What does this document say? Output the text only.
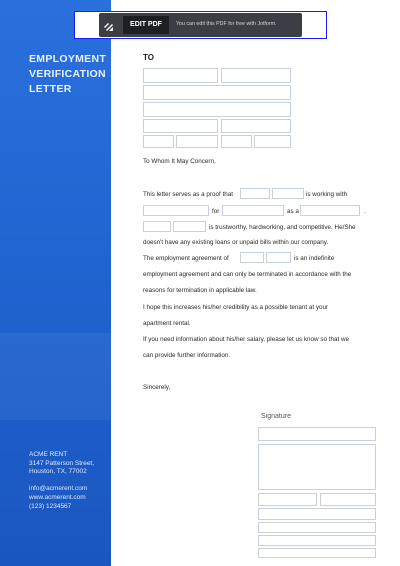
EMPLOYMENT
VERIFICATION
LETTER
ACME RENT
3147 Patterson Street,
Houston, TX, 77002
info@acmerent.com
www.acmerent.com
(123) 1234567
EDIT PDF	You can edit this PDF for free with Jotform.
TO
To Whom It May Concern,
This letter serves as a proof that	is working with
for	as a	.
is trustworthy, hardworking, and competitive. He/She
doesn't have any existing loans or unpaid bills within our company.
The employment agreement of	is an indefinite
employment agreement and can only be terminated in accordance with the
reasons for termination in applicable law.
I hope this increases his/her credibility as a possible tenant at your
apartment rental.
If you need information about his/her salary, please let us know so that we
can provide further information.
Sincerely,
Signature
